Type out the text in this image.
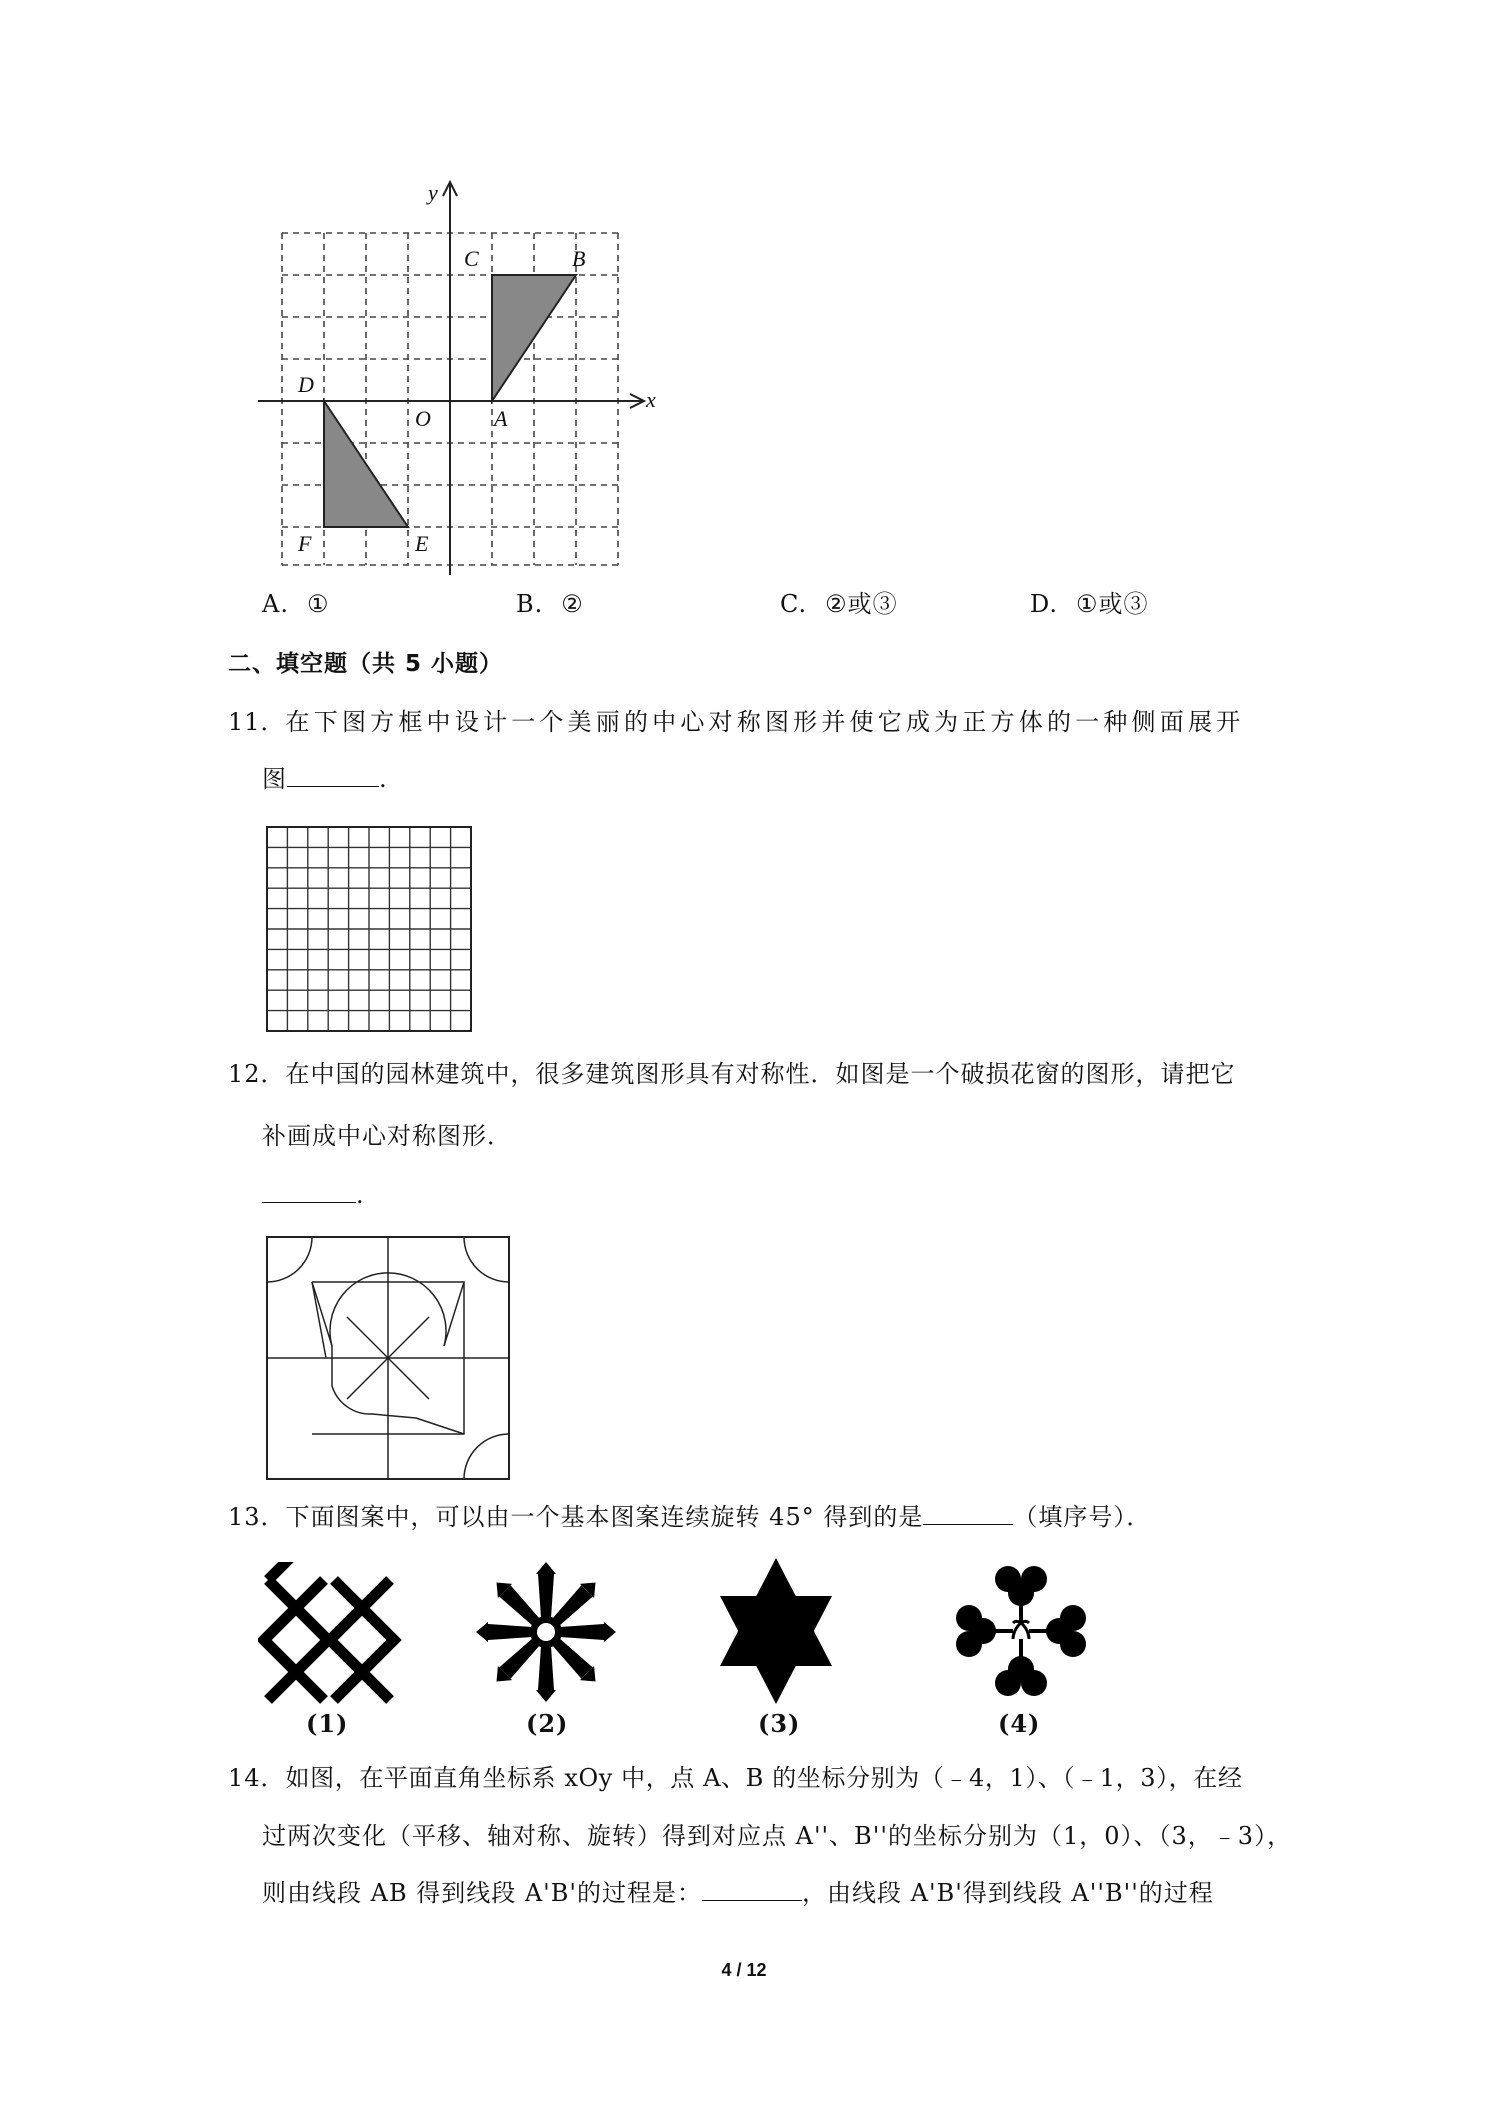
y
x
C	B
D
O	A
F	E
A. ①	B. ②	C. ②或③	D. ①或③
二、填空题（共 5 小题）
11．在下图方框中设计一个美丽的中心对称图形并使它成为正方体的一种侧面展开
图	.
12．在中国的园林建筑中，很多建筑图形具有对称性．如图是一个破损花窗的图形，请把它
补画成中心对称图形．
.
13．下面图案中，可以由一个基本图案连续旋转 45° 得到的是	（填序号）．
(1)	(2)	(3)	(4)
14．如图，在平面直角坐标系 xOy 中，点 A、B 的坐标分别为（﹣4，1）、（﹣1，3），在经
过两次变化（平移、轴对称、旋转）得到对应点 A''、B''的坐标分别为（1，0）、（3，﹣3），
则由线段 AB 得到线段 A'B'的过程是：	，由线段 A'B'得到线段 A''B''的过程
4 / 12
